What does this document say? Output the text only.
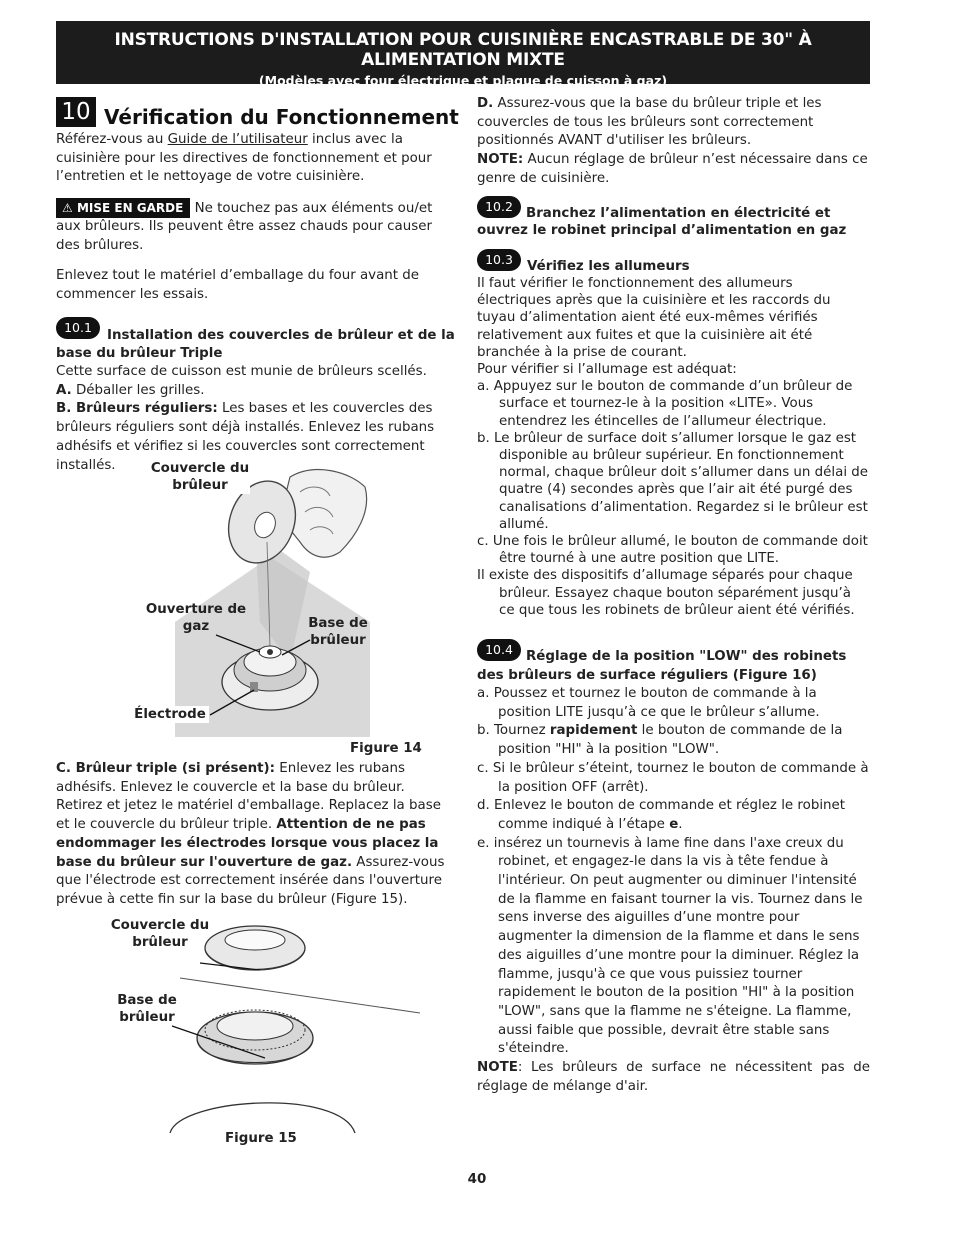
INSTRUCTIONS D'INSTALLATION POUR CUISINIÈRE ENCASTRABLE DE 30" À ALIMENTATION MIXTE
(Modèles avec four électrique et plaque de cuisson à gaz)
10 Vérification du Fonctionnement
Référez-vous au Guide de l’utilisateur inclus avec la cuisinière pour les directives de fonctionnement et pour l’entretien et le nettoyage de votre cuisinière.
⚠ MISE EN GARDE Ne touchez pas aux éléments ou/et aux brûleurs. Ils peuvent être assez chauds pour causer des brûlures.
Enlevez tout le matériel d’emballage du four avant de commencer les essais.
10.1
Installation des couvercles de brûleur et de la
base du brûleur Triple
Cette surface de cuisson est munie de brûleurs scellés.
A. Déballer les grilles.
B. Brûleurs réguliers: Les bases et les couvercles des brûleurs réguliers sont déjà installés. Enlevez les rubans adhésifs et vérifiez si les couvercles sont correctement installés.	Couvercle du brûleur
Ouverture de gaz	Base de brûleur
Électrode
Figure 14
C. Brûleur triple (si présent): Enlevez les rubans adhésifs. Enlevez le couvercle et la base du brûleur. Retirez et jetez le matériel d'emballage. Replacez la base et le couvercle du brûleur triple. Attention de ne pas endommager les électrodes lorsque vous placez la base du brûleur sur l'ouverture de gaz. Assurez-vous que l'électrode est correctement insérée dans l'ouverture prévue à cette fin sur la base du brûleur (Figure 15).
Couvercle du brûleur
Base de brûleur
Figure 15
D. Assurez-vous que la base du brûleur triple et les couvercles de tous les brûleurs sont correctement positionnés AVANT d'utiliser les brûleurs.
NOTE: Aucun réglage de brûleur n’est nécessaire dans ce genre de cuisinière.
10.2 Branchez l’alimentation en électricité et
ouvrez le robinet principal d’alimentation en gaz
10.3	Vérifiez les allumeurs
Il faut vérifier le fonctionnement des allumeurs électriques après que la cuisinière et les raccords du tuyau d’alimentation aient été eux-mêmes vérifiés relativement aux fuites et que la cuisinière ait été branchée à la prise de courant.
Pour vérifier si l’allumage est adéquat:
a. Appuyez sur le bouton de commande d’un brûleur de surface et tournez-le à la position «LITE». Vous entendrez les étincelles de l’allumeur électrique.
b. Le brûleur de surface doit s’allumer lorsque le gaz est disponible au brûleur supérieur. En fonctionnement normal, chaque brûleur doit s’allumer dans un délai de quatre (4) secondes après que l’air ait été purgé des canalisations d’alimentation. Regardez si le brûleur est allumé.
c. Une fois le brûleur allumé, le bouton de commande doit être tourné à une autre position que LITE.
Il existe des dispositifs d’allumage séparés pour chaque brûleur. Essayez chaque bouton séparément jusqu’à ce que tous les robinets de brûleur aient été vérifiés.
10.4 Réglage de la position "LOW" des robinets
des brûleurs de surface réguliers (Figure 16)
a. Poussez et tournez le bouton de commande à la position LITE jusqu’à ce que le brûleur s’allume.
b. Tournez rapidement le bouton de commande de la position "HI" à la position "LOW".
c. Si le brûleur s’éteint, tournez le bouton de commande à la position OFF (arrêt).
d. Enlevez le bouton de commande et réglez le robinet comme indiqué à l’étape e.
e. insérez un tournevis à lame fine dans l'axe creux du robinet, et engagez-le dans la vis à tête fendue à l'intérieur. On peut augmenter ou diminuer l'intensité de la flamme en faisant tourner la vis. Tournez dans le sens inverse des aiguilles d’une montre pour augmenter la dimension de la flamme et dans le sens des aiguilles d’une montre pour la diminuer. Réglez la flamme, jusqu'à ce que vous puissiez tourner rapidement le bouton de la position "HI" à la position "LOW", sans que la flamme ne s'éteigne. La flamme, aussi faible que possible, devrait être stable sans s'éteindre.
NOTE: Les brûleurs de surface ne nécessitent pas de réglage de mélange d'air.
40
